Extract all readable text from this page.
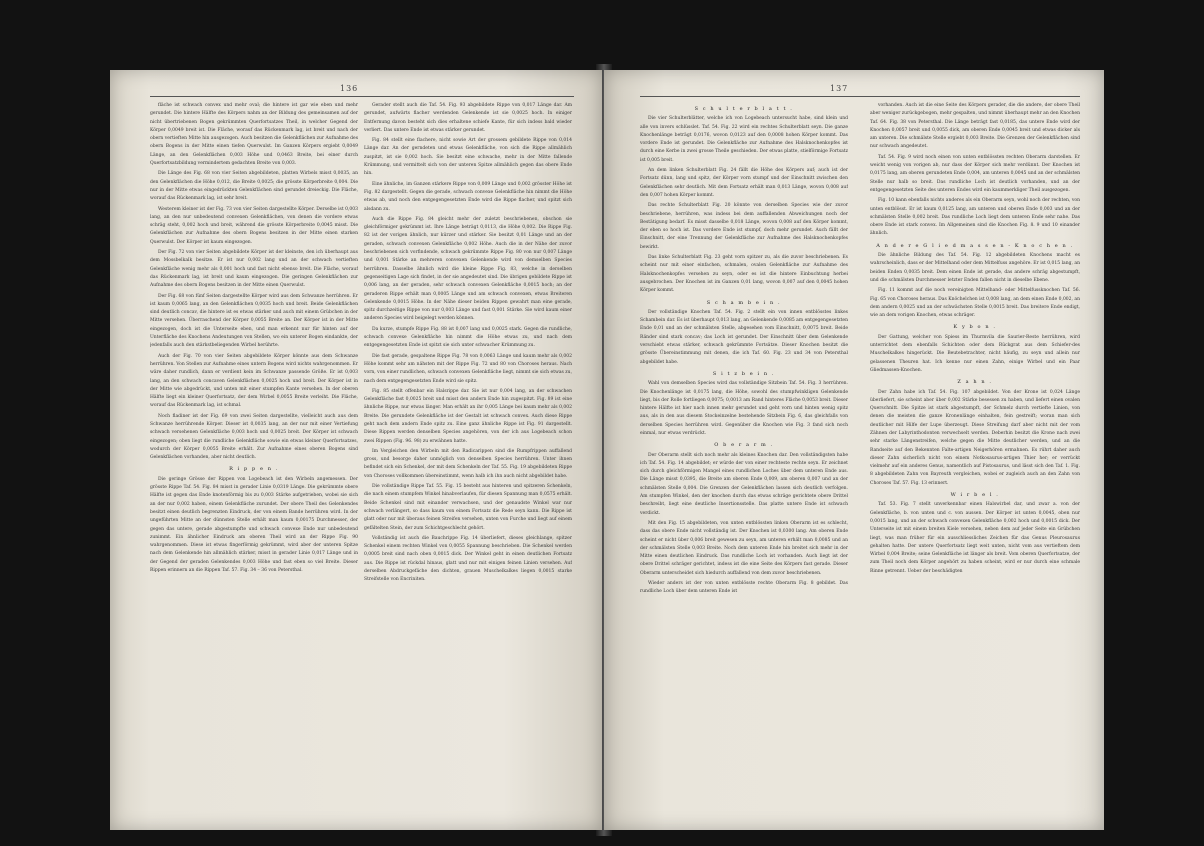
136

fläche ist schwach convex und mehr oval; die hintere ist gar wie eben und mehr gerundet. Die hintere Hälfte des Körpers nahm an der Bildung des gemeinsamen auf der nicht übertriebenen Bogen gekrümmten Querfortsatzes Theil, in welcher Gegend der Körper 0,0049 breit ist. Die Fläche, worauf das Rückenmark lag, ist breit und nach der obern vertieften Mitte hin ausgezogen. Auch besitzen die Gelenkflächen zur Aufnahme des obern Bogens in der Mitte einen tiefen Querwulst. Im Ganzen Körpers ergiebt 0,0049 Länge, an den Gelenkflächen 0,003 Höhe und 0,0463 Breite, bei einer durch Querfortsatzbildung vermindertem gedachten Breite von 0,003.

Die Länge des Fig. 68 von vier Seiten abgebildeten, platten Wirbels misst 0,0035, an den Gelenkflächen die Höhe 0,012, die Breite 0,0025; die grösste Körperbreite 0,004. Die nur in der Mitte etwas eingedrückten Gelenkflächen sind gerundet dreieckig. Die Fläche, worauf das Rückenmark lag, ist sehr breit.

Westerem kleiner ist der Fig. 73 von vier Seiten dargestellte Körper. Derselbe ist 0,003 lang, an den nur unbedeutend convexen Gelenkflächen, von denen die vordere etwas schräg steht, 0,002 hoch und breit, während die grösste Körperbreite 0,0045 misst. Die Gelenkflächen zur Aufnahme des obern Bogens besitzen in der Mitte einen starken Querwulst. Der Körper ist kaum eingezogen.

Der Fig. 72 von vier Seiten abgebildete Körper ist der kleinste, den ich überhaupt aus dem Mossbelkalk besitze. Er ist nur 0,002 lang und an der schwach vertieften Gelenkfläche wenig mehr als 0,001 hoch und fast nicht ebenso breit. Die Fläche, worauf das Rückenmark lag, ist breit und kaum eingezogen. Die geringen Gelenkflächen zur Aufnahme des obern Bogens besitzen in der Mitte einen Querwulst.

Der Fig. 68 von fünf Seiten dargestellte Körper wird aus dem Schwanze herrühren. Er ist kaum 0,0065 lang, an den Gelenkflächen 0,0035 hoch und breit. Beide Gelenkflächen sind deutlich concav, die hintere ist es etwas stärker und auch mit einem Grübchen in der Mitte versehen. Überraschend der Körper 0,0055 Breite an. Der Körper ist in der Mitte eingezogen, doch ist die Unterseite eben, und man erkennt nur für hinten auf der Unterfläche des Knochens Andeutungen von Stellen, wo ein unterer Bogen eindankte, der jedenfalls auch den stärkstbeliegenden Wirbel herührte.

Auch der Fig. 70 von vier Seiten abgebildete Körper könnte aus dem Schwanze herrühren. Von Stellen zur Aufnahme eines untern Bogens wird nichts wahrgenommen. Er wäre daher rundlich, dann er verdient kein im Schwanze passende Größe. Er ist 0,003 lang, an den schwach concaven Gelenkflächen 0,0025 hoch und breit. Der Körper ist in der Mitte wie abgedrückt, und unten mit einer stumpfen Kante versehen. In der oberen Hälfte liegt ein kleiner Querfortsatz, der dem Wirbel 0,0055 Breite verleiht. Die Fläche, worauf das Rückenmark lag, ist schmal.

Noch fladiner ist der Fig. 69 von zwei Seiten dargestellte, vielleicht auch aus dem Schwanze herrührende Körper. Dieser ist 0,0035 lang, an der nur mit einer Vertiefung schwach versehenen Gelenkfläche 0,003 hoch und 0,0025 breit. Der Körper ist schwach eingezogen; oben liegt die rundliche Gelenkfläche sowie ein etwas kleiner Querfortsatzes, wodurch der Körper 0,0055 Breite erhält. Zur Aufnahme eines oberen Bogens sind Gelenkflächen vorhanden, aber nicht deutlich.

R i p p e n .

Die geringe Grösse der Rippen von Logebeach ist den Wirbeln angemessen. Der grösste Rippe Taf. 54. Fig. 84 misst in gerader Linie 0,0319 Länge. Die gekrümmte obere Hälfte ist gegen das Ende knotenförmig bis zu 0,003 Stärke aufgetrieben, wobei sie sich an der nur 0,002 haben, einem Gelenkfläche zurundet. Der obere Theil des Gelenkendes besitzt einen deutlich begrenzten Eindruck, der von einem Bande herrühren wird. In der ungeführten Mitte an der dünnsten Stelle erhält man kaum 0,00175 Durchmesser, der gegen das untere, gerade abgestumpfte und schwach convexe Ende nur unbedeutend zunimmt. Ein ähnlicher Eindruck am oberen Theil wird an der Rippe Fig. 90 wahrgenommen. Diese ist etwas fingerförmig gekrümmt, wird aber der unteren Spitze nach dem Gelenkende hin allmählich stärker, misst in gerader Linie 0,017 Länge und in der Gegend der geraden Gelenkendes 0,003 Höhe und fast eben so viel Breite. Dieser Rippen erinnern an die Rippen Taf. 57. Fig. 34 – 36 von Petersthal.

Gerader stellt auch die Taf. 54. Fig. 93 abgebildete Rippe von 0,017 Länge dar. Am gerundet, aufwärts flacher werdenden Gelenkende ist sie 0,0025 hoch. In einiger Entfernung davon besteht sich dies erhaltene schiefe Kante, für sich indess bald wieder verliert. Das untere Ende ist etwas stärker gerundet.

Fig. 84 stellt eine flachere, nicht sowie Art der grossem gebildete Rippe von 0,014 Länge dar. An der gerndeten und etwas Gelenkfläche, von sich die Rippe allmählich zuspitzt, ist sie 0,002 hoch. Sie besitzt eine schwache, mehr in der Mitte fallende Krümmung, und vermittelt sich von der unteren Spitze allmählich gegen das obere Ende hin.

Eine ähnliche, im Ganzen stärkere Rippe von 0,009 Länge und 0,002 grösster Höhe ist Fig. 82 dargestellt. Gegen die gerade, schwach convexe Gelenkfläche hin nimmt die Höhe etwas ab, und noch den entgegengesetzten Ende wird die Rippe flacher, und spitzt sich alsdann zu.

Auch die Rippe Fig. 84 gleicht mehr der zuletzt beschriebenen, obschon sie gleichförmiger gekrümmt ist. Ihre Länge beträgt 0,0113, die Höhe 0,002. Die Rippe Fig. 82 ist der vorigen ähnlich, nur kürzer und stärker. Sie besitzt 0,01 Länge und an der geraden, schwach convexen Gelenkfläche 0,002 Höhe. Auch die in der Nähe der zuvor beschriebenen sich vorfindende, schwach gekrümmte Rippe Fig. 80 von nur 0,007 Länge und 0,001 Stärke an mehreren convexen Gelenkende wird von demselben Species herrühren. Dasselbe ähnlich wird die kleine Rippe Fig. 83, welche in derselben gegenseitigen Lage sich findet, in der sie angedeutet sind. Die übrigen gebildete Rippe ist 0,006 lang, an der geraden, sehr schwach convexen Gelenkfläche 0,0015 hoch; an der geraderen Rippe erhält man 0,0005 Länge und am schwach convexen, etwas Breiteren Gelenkende 0,0015 Höhe. In der Nähe dieser beiden Rippen gewahrt man eine gerade, spitz durchzeitige Rippe von nur 0,003 Länge und fast 0,001 Stärke. Sie wird kaum einer anderen Species wird beigelegt werden können.

Da kurze, stumpfe Rippe Fig. 88 ist 0,007 lang und 0,0025 stark. Gegen die rundliche, schwach convexe Gelenkfläche hin nimmt die Höhe etwas zu, und nach dem entgegengesetzten Ende ist spitzt sie sich unter schwacher Krümmung zu.

Die fast gerade, gespaltene Rippe Fig. 78 von 0,0063 Länge und kaum mehr als 0,002 Höhe kommt sehr am nähsten mit der Rippe Fig. 72 und 80 von Choroses heraus. Nach vorn, von einer rundlichen, schwach convexen Gelenkfläche liegt, nimmt sie sich etwas zu, nach dem entgegengesetzten Ende wird sie spitz.

Fig. 85 stellt offenbar ein Halsrippe dar. Sie ist nur 0,004 lang, an der schwachen Gelenkfläche fast 0,0025 breit und misst den andern Ende hin zugespitzt. Fig. 89 ist eine ähnliche Rippe, nur etwas länger. Man erhält an ihr 0,005 Länge bei kaum mehr als 0,002 Breite. Die gerundete Gelenkfläche ist der Gestalt ist schwach convex. Auch diese Rippe geht nach dem andern Ende spitz zu. Eine ganz ähnliche Rippe ist Fig. 91 dargestellt. Diese Rippen werden denselben Species angehören, von der ich aus Logebeach schon zwei Rippen (Fig. 96. 98) zu erwähnen hatte.

Im Vergleichen den Wirbeln mit den Radicarippen sind die Rumpfrippen auffallend gross, und besorge daher unmöglich von denselben Species herrühren. Unter ihnen befindet sich ein Schenkel, der mit dem Schenkeln der Taf. 55. Fig. 19 abgebildeten Rippe von Choroses vollkommen übereinstimmt, wenn halb ich ihn auch nicht abgebildet habe.

Die vollständige Rippe Taf. 55. Fig. 15 besteht aus hinteren und spitzeren Schenkeln, die nach einem stumpfem Winkel hinabverlaufen, für diesen Spannung man 0,0575 erhält. Beide Schenkel sind mit einander verwachsen, und der genaudste Winkel war nur schwach verlängert, so dass kaum von einem Fortsatz die Rede seyn kann. Die Rippe ist glatt oder nur mit überaus feinen Streifen versehen, unten von Furche und liegt auf einem gefältelten Stein, der zum Schichtgeschlecht gehört.

Vollständig ist auch die Bauchrippe Fig. 14 überliefert, dieses gleichlange, spitzer Schenkel einem rechten Winkel von 0,0055 Spannung beschrieben. Die Schenkel werden 0,0005 breit sind nach oben 0,0015 dick. Der Winkel geht in einen deutlichen Fortsatz aus. Die Rippe ist rückdal hinaus, glatt und nur mit einigen feinen Linien versehen. Auf derselben Abdruckgefäche den dichten, grauen Muschelkalkes liegen 0,0015 starke Streifstelle von Encriniten.

137
S c h u l t e r b l a t t .

Die vier Schulterblätter, welche ich von Logebeach untersucht habe, sind klein und alle von invers schlüsslet. Taf. 54. Fig. 22 wird ein rechtes Schulterblatt seyn. Die ganze Knochenlänge beträgt 0,0176, wovon 0,0123 auf den 0,0008 hohen Körper kommt. Das vordere Ende ist gerundet. Die Gelenkfläche zur Aufnahme des Halsknochenkopfes ist durch eine Kerbe in zwei grosse Theile geschieden. Der etwas platte, stielförmige Fortsatz ist 0,005 breit.

An dem linken Schulterblatt Fig. 24 fällt die Höhe des Körpers auf; auch ist der Fortsatz dünn, lang und spitz, der Körper vorn stumpf und der Einschnitt zwischen den Gelenkflächen sehr deutlich. Mit dem Fortsatz erhält man 0,013 Länge, wovon 0,008 auf den 0,007 hohen Körper kommt.

Das rechte Schulterblatt Fig. 20 könnte von derselben Species wie der zuvor beschriebene, herrühren, was indess bei dem auffallenden Abweichungen noch der Bestätigung bedarf. Es misst dasselbe 0,018 Länge, wovon 0,008 auf den Körper kommt, der eben so hoch ist. Das vordere Ende ist stumpf, doch mehr gerundet. Auch fällt der Einschnitt, der eine Trennung der Gelenkfläche zur Aufnahme des Halsknochenkopfes bewirkt.

Das linke Schulterblatt Fig. 23 geht vorn spitzer zu, als die zuvor beschriebenen. Es scheint nur mit einer einfachen, schmalen, ovalen Gelenkfläche zur Aufnahme des Halsknochenkopfes versehen zu seyn, oder es ist die hintere Einbuchtung herbei ausgebrochen. Der Knochen ist im Ganzen 0,01 lang, wovon 0,007 auf den 0,0045 hohen Körper kommt.

S c h a m b e i n .

Der vollständige Knochen Taf. 54. Fig. 2 stellt ein von innen entblösstes linkes Schambein dar. Es ist überhaupt 0,013 lang, an Gelenkende 0,0085 am entgegengesetzten Ende 0,01 und an der schmälsten Stelle, abgesehen vom Einschnitt, 0,0075 breit. Beide Ränder sind stark concav; das Loch ist gerundet. Der Einschnitt über dem Gelenkende verschiebt etwas stärker, schwach gekrümmte Fortsätze. Dieser Knochen besitzt die grösste Übereinstimmung mit denen, die ich Taf. 60. Fig. 23 und 34 von Petersthal abgebildet habe.

S i t z b e i n .

Wahl von demselben Species wird das vollständige Sitzbein Taf. 54. Fig. 3 herrühren. Die Knochenlänge ist 0,0175 lang, die Höhe, sowohl des stumpfwinkligen Gelenkende liegt, bis der Rolle fortliegen 0,0075; 0,0013 am Rand hinteres Fläche 0,0053 breit. Dieser hintere Hälfte ist hier nach innen mehr gerundet und geht vorn und hinten wenig spitz aus, als in den aus diesem Stockeinzelne bestehende Sitzbein Fig. 6, das gleichfalls von derselben Species herrühren wird. Gegenüber die Knochen wie Fig. 3 fand sich noch einmal, nur etwas verdrückt.

O b e r a r m .

Der Oberarm stellt sich noch mehr als kleines Knochen dar. Den vollständigsten habe ich Taf. 54. Fig. 14 abgebildet; er würde der von einer rechteste rechte seyn. Er zeichnet sich durch gleichförmigen Mangel eines rundlichen Loches über dem unteren Ende aus. Die Länge misst 0,0395, die Breite am oberen Ende 0,009, am oberen 0,007 und an der schmälsten Stelle 0,004. Die Grenzen der Gelenkflächen lassen sich deutlich verfolgen. Am stumpfen Winkel, den der knochen durch das etwas schräge gerichtete obere Drittel beschreibt, liegt eine deutliche Insertionsstelle. Das platte untere Ende ist schwach verdickt.

Mit den Fig. 15 abgebildeten, von unten entblössten linken Oberarm ist es schlecht, dass das obere Ende nicht vollständig ist. Der Knochen ist 0,0300 lang. Am oberen Ende scheint er nicht über 0,006 breit gewesen zu seyn, am unteren erhält man 0,0085 und an der schmälsten Stelle 0,003 Breite. Noch dem unteren Ende hin breitet sich mehr in der Mitte einen deutlichen Eindruck. Das rundliche Loch ist vorhanden. Auch liegt ist der obere Drittel schräger gerichtet, indess ist die eine Seite des Körpers fast gerade. Dieser Oberarm unterscheidet sich hiedurch auffallend von dem zuvor beschriebenen.

Wieder anders ist der von unten entblösste rechte Oberarm Fig. 8 gebildet. Das rundliche Loch über dem unteren Ende ist

vorhanden. Auch ist die eine Seite des Körpers gerader, die die andere, der obere Theil aber weniger zurückgebogen, mehr gespalten, und nimmt überhaupt mehr an den Knochen Taf. 64. Fig. 38 von Petersthal. Die Länge beträgt fast 0,0185, das untere Ende wird der Knochen 0,0057 breit und 0,0055 dick, am oberen Ende 0,0045 breit und etwas dicker als am unteren. Die schmälste Stelle ergiebt 0,003 Breite. Die Grenzen der Gelenkflächen sind nur schwach angedeutet.

Taf. 54. Fig. 9 wird noch einen von unten entblössten rechten Oberarm darstellen. Er weicht wenig von vorigen ab, nur dass der Körper sich mehr verdünnt. Der Knochen ist 0,0175 lang, am oberen gerundeten Ende 0,004, am unteren 0,0045 und an der schmälsten Stelle nur halb so breit. Das rundliche Loch ist deutlich vorhanden, und an der entgegengesetzten Seite des unteren Endes wird ein kaummerkliger Theil ausgezogen.

Fig. 10 kann ebenfalls nichts anderes als ein Oberarm seyn, wohl noch der rechten, von unten entblösst. Er ist kaum 0,0125 lang, am unteren und oberen Ende 0,003 und an der schmälsten Stelle 0,002 breit. Das rundliche Loch liegt dem unteren Ende sehr nahe. Das obere Ende ist stark convex. Im Allgemeinen sind die Knochen Fig. 8. 9 und 10 einander ähnlich.

A n d e r e G l i e d m a s s e n - K n o c h e n .

Die ähnliche Bildung des Taf. 54. Fig. 12 abgebildeten Knochens macht es wahrscheinlich, dass er der Mittelhand oder dem Mittelfuss angehöre. Er ist 0,015 lang, an beiden Enden 0,0035 breit. Dem einen Ende ist gerade, das andere schräg abgestumpft, und die schmälsten Durchmesser letzter Enden fallen nicht in dieselbe Ebene.

Fig. 11 kommt auf die noch vereinigten Mittelhand- oder Mittelfussknochen Taf. 56. Fig. 65 von Choroses heraus. Das Knöchelchen ist 0,008 lang, an dem einen Ende 0,002, an dem andern 0,0025 und an der schwächsten Stelle 0,0015 breit. Das breitere Ende endigt, wie an dem vorigen Knochen, etwas schräger.

K y b o n .

Der Gattung, welcher von Spiess im Thurmvila die Saurier-Reste herrühren, wird unterrichtet dem ebenfalls Schichten oder dem Rückgrat aus dem Schiefer-des Muschelkalkes hingerückt. Die Beutebetrachter, nicht häufig, zu seyn und allein nur gelassenen Theuren hat. Ich kenne nur einen Zahn, einige Wirbel und ein Paar Gliedmassen-Knochen.

Z a h n .

Der Zahn habe ich Taf. 54. Fig. 107 abgebildet. Von der Krone ist 0,024 Länge überliefert, sie scheint aber über 0,002 Stärke besessen zu haben, und liefert einen ovalen Querschnitt. Die Spitze ist stark abgestumpft, der Schmelz durch vertiefte Linien, von denen die meisten die ganze Kronenlänge einhalten, fein gestreift; woran man sich deutlicher mit Hilfe der Lupe überzeugt. Diese Streifung darf aber nicht mit der vom Zähnen der Labyrinthodonten verwechselt werden. Deberhin besitzt die Krone nach zwei sehr starke Längenstreifen, welche gegen die Mitte deutlicher werden, und an die Randseite auf den Bekennten Falte-artigen Neigerhören ermahnen. Es rührt daher auch dieser Zahn sicherlich nicht von einem Notkosaurus-artigen Thier her; er verrückt vielmehr auf ein anderes Genus, namentlich auf Pistosaurus, und lässt sich den Taf. 1. Fig. 8 abgebildeten Zahn von Bayreuth vergleichen, wobei er zugleich auch an den Zahn von Choroses Taf. 57. Fig. 13 erinnert.

W i r b e l .

Taf. 53. Fig. 7 stellt unverkennbar einen Halswirbel dar, und zwar a. von der Gelenkfläche, b. von unten und c. von aussen. Der Körper ist unten 0,0045, oben nur 0,0015 lang, und an der schwach convexen Gelenkfläche 0,002 hoch und 0,0015 dick. Der Unterseite ist mit einem breiten Kiele versehen, neben dem auf jeder Seite ein Grübchen liegt, was man früher für ein ausschliessliches Zeichen für das Genus Pleurosaurus gehalten hatte. Der untere Querfortsatz liegt weit unten, nicht vom aus vertieftem dem Wirbel 0,004 Breite; seine Gelenkfläche ist länger als breit. Vom oberen Querfortsatze, der zum Theil noch dem Körper angehört zu haben scheint, wird er nur durch eine schmale Rinne getrennt. Ueber der beschädigten
